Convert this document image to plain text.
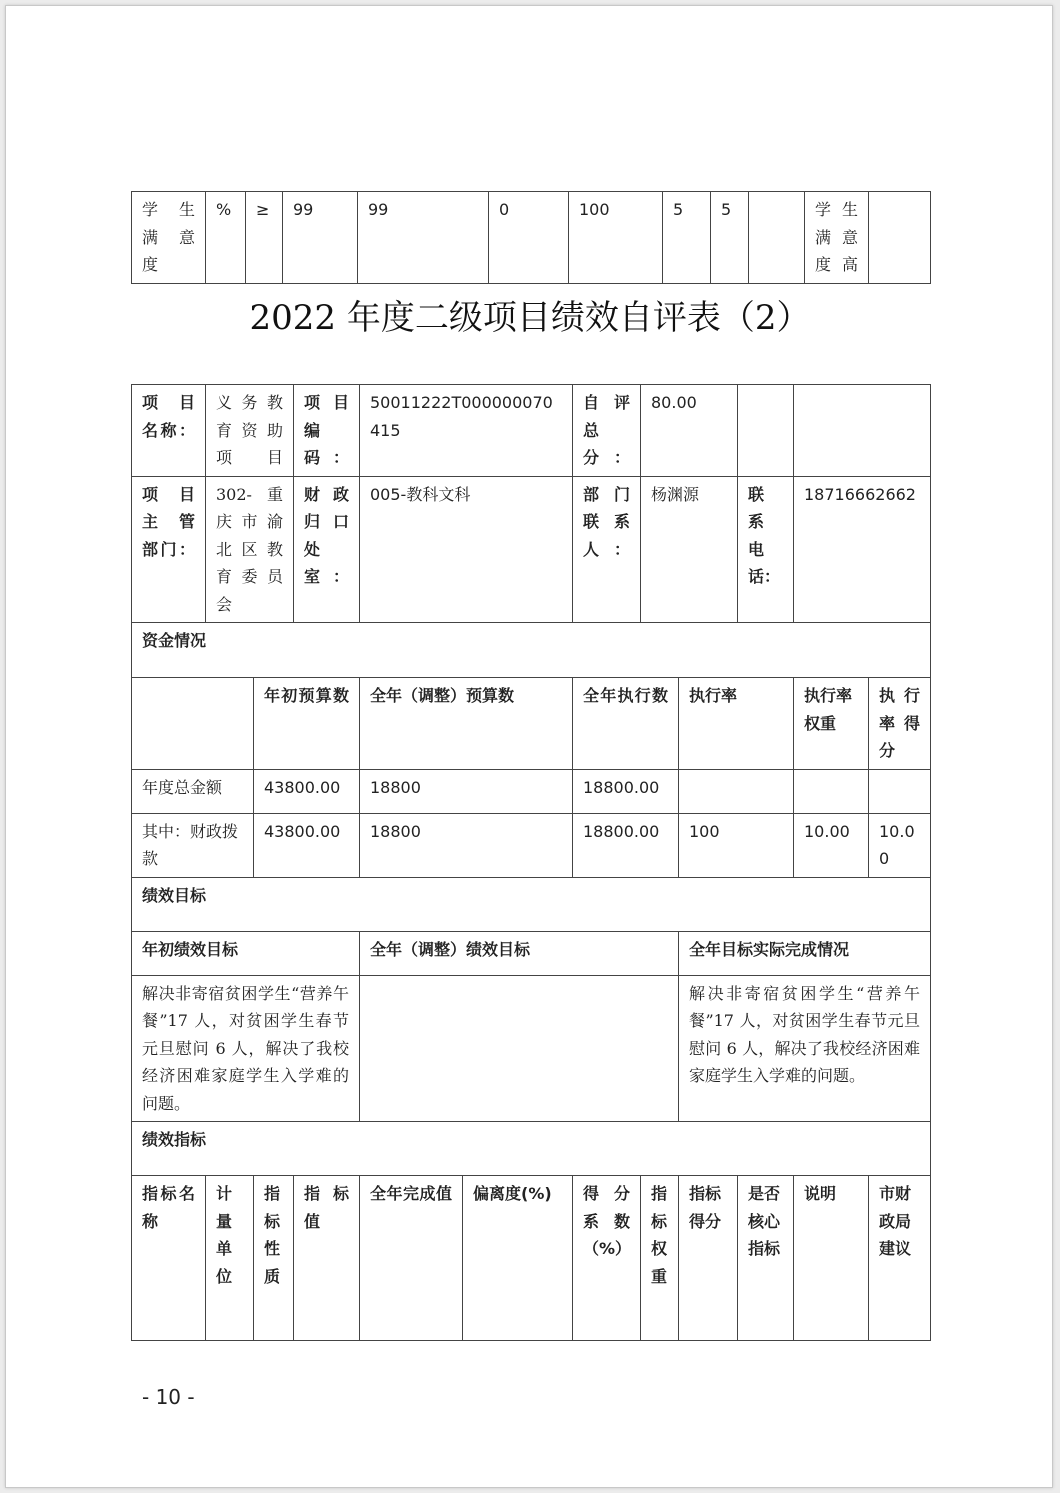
学 生 满 意 度	%	≥	99	99	0	100	5	5		学 生 满 意 度高	
2022 年度二级项目绩效自评表（2）
项 目 名称：	义 务 教 育 资 助 项目		项 目 编 码：	50011222T000000070415		自 评 总分：	80.00				
项 目 主 管 部门：	302- 重 庆 市 渝 北 区 教 育 委 员 会		财 政 归 口 处 室：	005-教科文科		部 门 联 系 人：	杨渊源		联 系 电 话：	18716662662	
资金情况											
		年初预算数		全年（调整）预算数		全年执行数		执行率		执行率权重	执行率得分
年度总金额		43800.00		18800		18800.00					
其中：财政拨款		43800.00		18800		18800.00		100		10.00	10.00
绩效目标											
年初绩效目标				全年（调整）绩效目标				全年目标实际完成情况			
解决非寄宿贫困学生“营养午餐”17 人，对贫困学生春节元旦慰问 6 人，解决了我校经济困难家庭学生入学难的问题。								解决非寄宿贫困学生“营养午餐”17 人，对贫困学生春节元旦慰问 6 人，解决了我校经济困难家庭学生入学难的问题。			
绩效指标											
指标名称	计量单位	指标性质	指标值	全年完成值	偏离度(%)	得分系数（%）	指标权重	指标得分	是否核心指标	说明	市财政局建议
- 10 -
